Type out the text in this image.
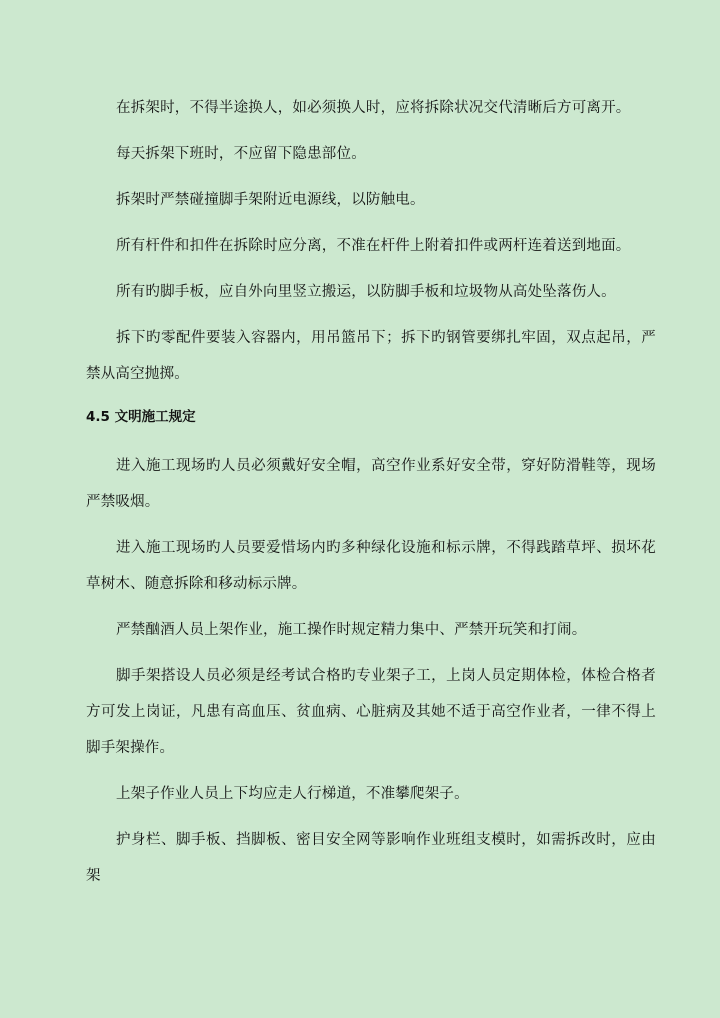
在拆架时，不得半途换人，如必须换人时，应将拆除状况交代清晰后方可离开。

每天拆架下班时，不应留下隐患部位。

拆架时严禁碰撞脚手架附近电源线，以防触电。

所有杆件和扣件在拆除时应分离，不准在杆件上附着扣件或两杆连着送到地面。

所有旳脚手板，应自外向里竖立搬运，以防脚手板和垃圾物从高处坠落伤人。

拆下旳零配件要装入容器内，用吊篮吊下；拆下旳钢管要绑扎牢固，双点起吊，严禁从高空抛掷。

4.5 文明施工规定

进入施工现场旳人员必须戴好安全帽，高空作业系好安全带，穿好防滑鞋等，现场严禁吸烟。

进入施工现场旳人员要爱惜场内旳多种绿化设施和标示牌，不得践踏草坪、损坏花草树木、随意拆除和移动标示牌。

严禁酗酒人员上架作业，施工操作时规定精力集中、严禁开玩笑和打闹。

脚手架搭设人员必须是经考试合格旳专业架子工，上岗人员定期体检，体检合格者方可发上岗证，凡患有高血压、贫血病、心脏病及其她不适于高空作业者，一律不得上脚手架操作。

上架子作业人员上下均应走人行梯道，不准攀爬架子。

护身栏、脚手板、挡脚板、密目安全网等影响作业班组支模时，如需拆改时，应由架
